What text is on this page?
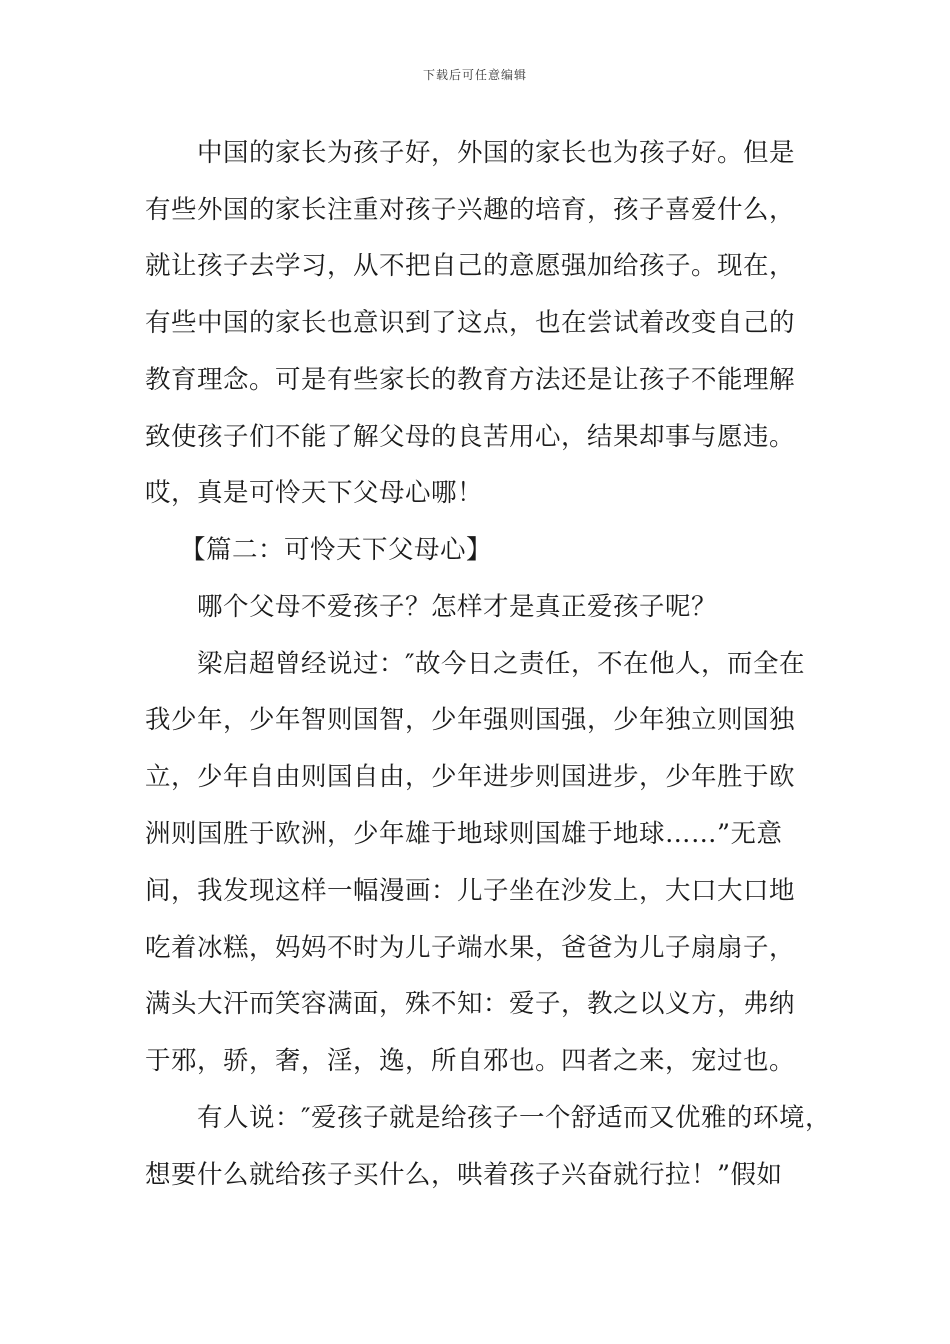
下载后可任意编辑
中国的家长为孩子好，外国的家长也为孩子好。但是
有些外国的家长注重对孩子兴趣的培育，孩子喜爱什么，
就让孩子去学习，从不把自己的意愿强加给孩子。现在，
有些中国的家长也意识到了这点，也在尝试着改变自己的
教育理念。可是有些家长的教育方法还是让孩子不能理解
致使孩子们不能了解父母的良苦用心，结果却事与愿违。
哎，真是可怜天下父母心哪！
【篇二：可怜天下父母心】
哪个父母不爱孩子？怎样才是真正爱孩子呢？
梁启超曾经说过：″故今日之责任，不在他人，而全在
我少年，少年智则国智，少年强则国强，少年独立则国独
立，少年自由则国自由，少年进步则国进步，少年胜于欧
洲则国胜于欧洲，少年雄于地球则国雄于地球……”无意
间，我发现这样一幅漫画：儿子坐在沙发上，大口大口地
吃着冰糕，妈妈不时为儿子端水果，爸爸为儿子扇扇子，
满头大汗而笑容满面，殊不知：爱子，教之以义方，弗纳
于邪，骄，奢，淫，逸，所自邪也。四者之来，宠过也。
有人说：″爱孩子就是给孩子一个舒适而又优雅的环境，
想要什么就给孩子买什么，哄着孩子兴奋就行拉！”假如
